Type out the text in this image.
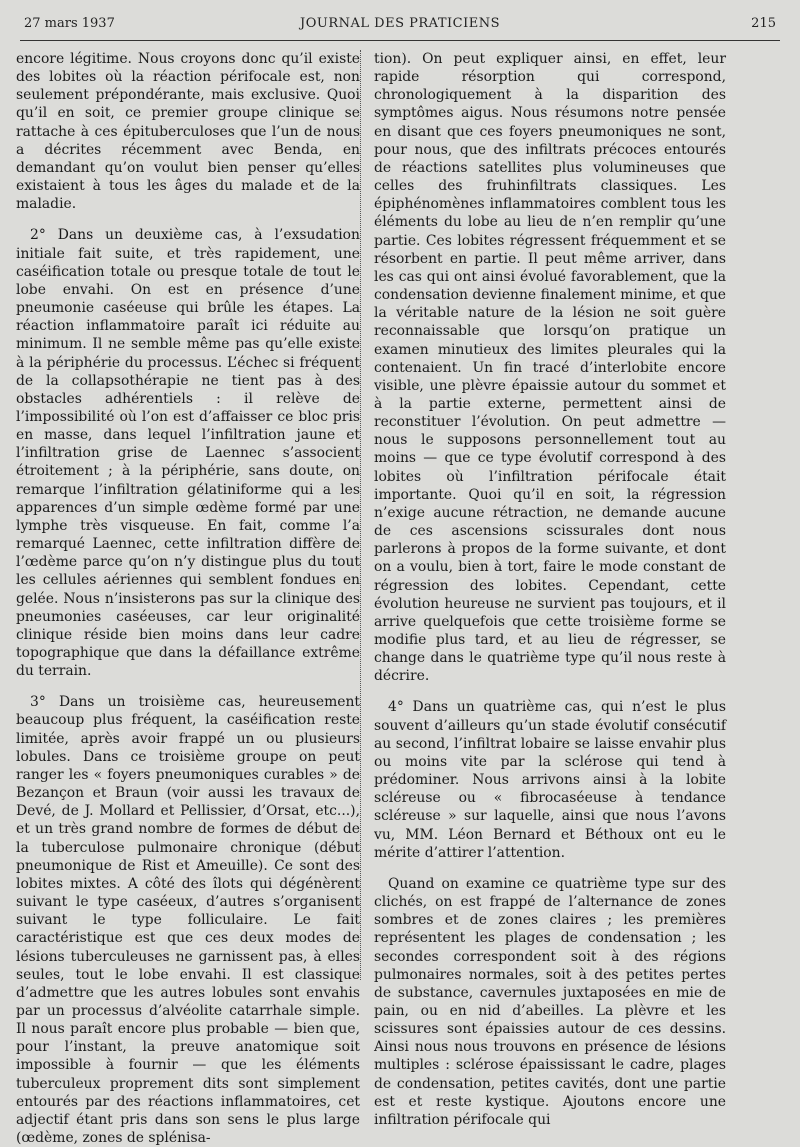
27 mars 1937	JOURNAL DES PRATICIENS	215

encore légitime. Nous croyons donc qu’il existe des lobites où la réaction périfocale est, non seulement prépondérante, mais exclusive. Quoi qu’il en soit, ce premier groupe clinique se rattache à ces épituberculoses que l’un de nous a décrites récemment avec Benda, en demandant qu’on voulut bien penser qu’elles existaient à tous les âges du malade et de la maladie.

2° Dans un deuxième cas, à l’exsudation initiale fait suite, et très rapidement, une caséification totale ou presque totale de tout le lobe envahi. On est en présence d’une pneumonie caséeuse qui brûle les étapes. La réaction inflammatoire paraît ici réduite au minimum. Il ne semble même pas qu’elle existe à la périphérie du processus. L’échec si fréquent de la collapsothérapie ne tient pas à des obstacles adhérentiels : il relève de l’impossibilité où l’on est d’affaisser ce bloc pris en masse, dans lequel l’infiltration jaune et l’infiltration grise de Laennec s’associent étroitement ; à la périphérie, sans doute, on remarque l’infiltration gélatiniforme qui a les apparences d’un simple œdème formé par une lymphe très visqueuse. En fait, comme l’a remarqué Laennec, cette infiltration diffère de l’œdème parce qu’on n’y distingue plus du tout les cellules aériennes qui semblent fondues en gelée. Nous n’insisterons pas sur la clinique des pneumonies caséeuses, car leur originalité clinique réside bien moins dans leur cadre topographique que dans la défaillance extrême du terrain.

3° Dans un troisième cas, heureusement beaucoup plus fréquent, la caséification reste limitée, après avoir frappé un ou plusieurs lobules. Dans ce troisième groupe on peut ranger les « foyers pneumoniques curables » de Bezançon et Braun (voir aussi les travaux de Devé, de J. Mollard et Pellissier, d’Orsat, etc...), et un très grand nombre de formes de début de la tuberculose pulmonaire chronique (début pneumonique de Rist et Ameuille). Ce sont des lobites mixtes. A côté des îlots qui dégénèrent suivant le type caséeux, d’autres s’organisent suivant le type folliculaire. Le fait caractéristique est que ces deux modes de lésions tuberculeuses ne garnissent pas, à elles seules, tout le lobe envahi. Il est classique d’admettre que les autres lobules sont envahis par un processus d’alvéolite catarrhale simple. Il nous paraît encore plus probable — bien que, pour l’instant, la preuve anatomique soit impossible à fournir — que les éléments tuberculeux proprement dits sont simplement entourés par des réactions inflammatoires, cet adjectif étant pris dans son sens le plus large (œdème, zones de splénisa-

tion). On peut expliquer ainsi, en effet, leur rapide résorption qui correspond, chronologiquement à la disparition des symptômes aigus. Nous résumons notre pensée en disant que ces foyers pneumoniques ne sont, pour nous, que des infiltrats précoces entourés de réactions satellites plus volumineuses que celles des fruhinfiltrats classiques. Les épiphénomènes inflammatoires comblent tous les éléments du lobe au lieu de n’en remplir qu’une partie. Ces lobites régressent fréquemment et se résorbent en partie. Il peut même arriver, dans les cas qui ont ainsi évolué favorablement, que la condensation devienne finalement minime, et que la véritable nature de la lésion ne soit guère reconnaissable que lorsqu’on pratique un examen minutieux des limites pleurales qui la contenaient. Un fin tracé d’interlobite encore visible, une plèvre épaissie autour du sommet et à la partie externe, permettent ainsi de reconstituer l’évolution. On peut admettre — nous le supposons personnellement tout au moins — que ce type évolutif correspond à des lobites où l’infiltration périfocale était importante. Quoi qu’il en soit, la régression n’exige aucune rétraction, ne demande aucune de ces ascensions scissurales dont nous parlerons à propos de la forme suivante, et dont on a voulu, bien à tort, faire le mode constant de régression des lobites. Cependant, cette évolution heureuse ne survient pas toujours, et il arrive quelquefois que cette troisième forme se modifie plus tard, et au lieu de régresser, se change dans le quatrième type qu’il nous reste à décrire.

4° Dans un quatrième cas, qui n’est le plus souvent d’ailleurs qu’un stade évolutif consécutif au second, l’infiltrat lobaire se laisse envahir plus ou moins vite par la sclérose qui tend à prédominer. Nous arrivons ainsi à la lobite scléreuse ou « fibrocaséeuse à tendance scléreuse » sur laquelle, ainsi que nous l’avons vu, MM. Léon Bernard et Béthoux ont eu le mérite d’attirer l’attention.

Quand on examine ce quatrième type sur des clichés, on est frappé de l’alternance de zones sombres et de zones claires ; les premières représentent les plages de condensation ; les secondes correspondent soit à des régions pulmonaires normales, soit à des petites pertes de substance, cavernules juxtaposées en mie de pain, ou en nid d’abeilles. La plèvre et les scissures sont épaissies autour de ces dessins. Ainsi nous nous trouvons en présence de lésions multiples : sclérose épaississant le cadre, plages de condensation, petites cavités, dont une partie est et reste kystique. Ajoutons encore une infiltration périfocale qui
